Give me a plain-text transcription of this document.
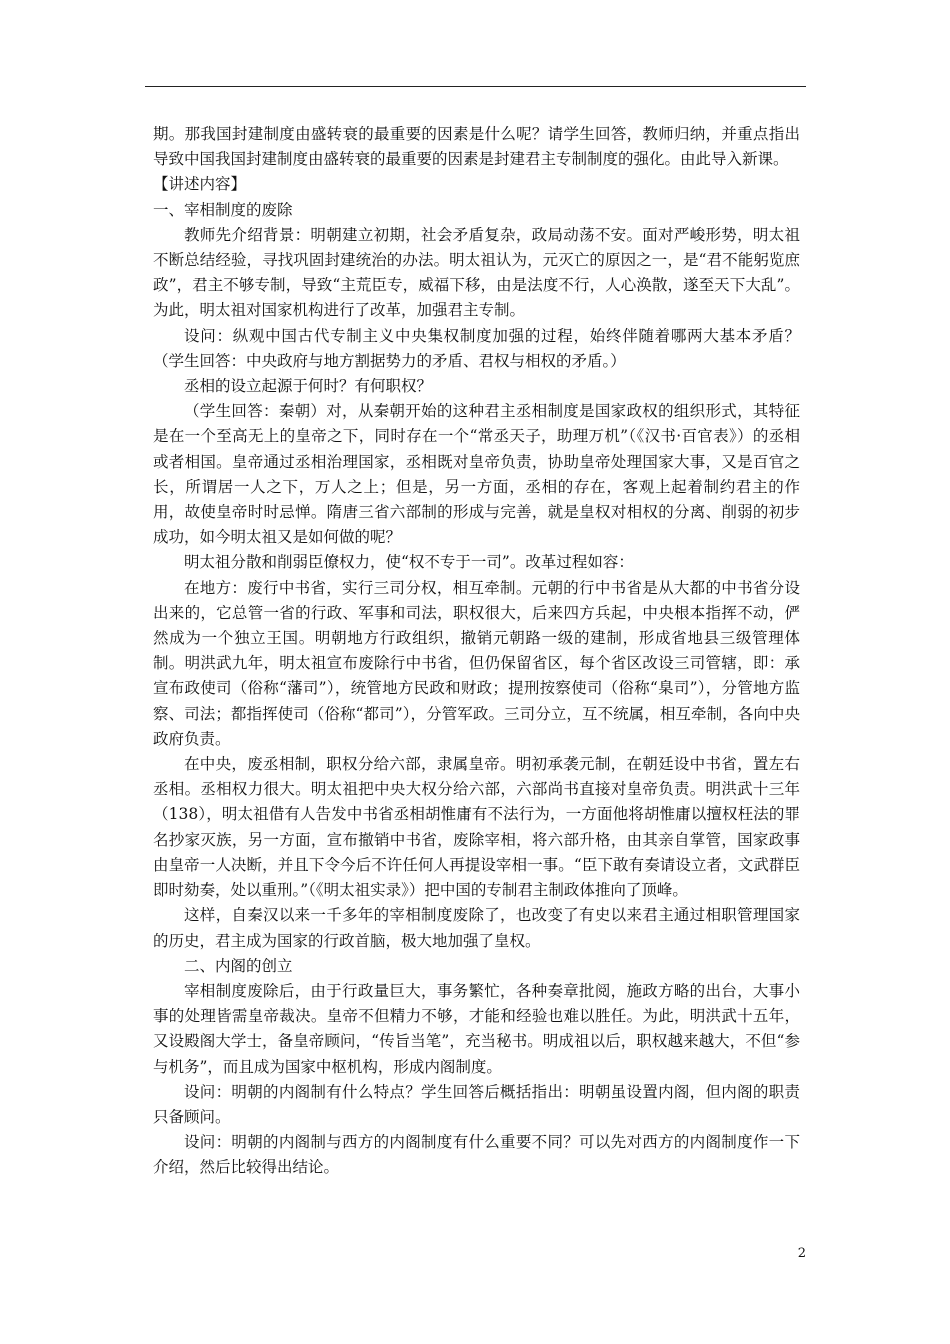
期。那我国封建制度由盛转衰的最重要的因素是什么呢？请学生回答，教师归纳，并重点指出导致中国我国封建制度由盛转衰的最重要的因素是封建君主专制制度的强化。由此导入新课。

【讲述内容】

一、宰相制度的废除

教师先介绍背景：明朝建立初期，社会矛盾复杂，政局动荡不安。面对严峻形势，明太祖不断总结经验，寻找巩固封建统治的办法。明太祖认为，元灭亡的原因之一，是“君不能躬览庶政”，君主不够专制，导致“主荒臣专，威福下移，由是法度不行，人心涣散，遂至天下大乱”。为此，明太祖对国家机构进行了改革，加强君主专制。

设问：纵观中国古代专制主义中央集权制度加强的过程，始终伴随着哪两大基本矛盾？（学生回答：中央政府与地方割据势力的矛盾、君权与相权的矛盾。）

丞相的设立起源于何时？有何职权？

（学生回答：秦朝）对，从秦朝开始的这种君主丞相制度是国家政权的组织形式，其特征是在一个至高无上的皇帝之下，同时存在一个“常丞天子，助理万机”（《汉书·百官表》）的丞相或者相国。皇帝通过丞相治理国家，丞相既对皇帝负责，协助皇帝处理国家大事，又是百官之长，所谓居一人之下，万人之上；但是，另一方面，丞相的存在，客观上起着制约君主的作用，故使皇帝时时忌惮。隋唐三省六部制的形成与完善，就是皇权对相权的分离、削弱的初步成功，如今明太祖又是如何做的呢？

明太祖分散和削弱臣僚权力，使“权不专于一司”。改革过程如容：

在地方：废行中书省，实行三司分权，相互牵制。元朝的行中书省是从大都的中书省分设出来的，它总管一省的行政、军事和司法，职权很大，后来四方兵起，中央根本指挥不动，俨然成为一个独立王国。明朝地方行政组织，撤销元朝路一级的建制，形成省地县三级管理体制。明洪武九年，明太祖宣布废除行中书省，但仍保留省区，每个省区改设三司管辖，即：承宣布政使司（俗称“藩司”），统管地方民政和财政；提刑按察使司（俗称“臬司”），分管地方监察、司法；都指挥使司（俗称“都司”），分管军政。三司分立，互不统属，相互牵制，各向中央政府负责。

在中央，废丞相制，职权分给六部，隶属皇帝。明初承袭元制，在朝廷设中书省，置左右丞相。丞相权力很大。明太祖把中央大权分给六部，六部尚书直接对皇帝负责。明洪武十三年（138），明太祖借有人告发中书省丞相胡惟庸有不法行为，一方面他将胡惟庸以擅权枉法的罪名抄家灭族，另一方面，宣布撤销中书省，废除宰相，将六部升格，由其亲自掌管，国家政事由皇帝一人决断，并且下令今后不许任何人再提设宰相一事。“臣下敢有奏请设立者，文武群臣即时劾奏，处以重刑。”（《明太祖实录》）把中国的专制君主制政体推向了顶峰。

这样，自秦汉以来一千多年的宰相制度废除了，也改变了有史以来君主通过相职管理国家的历史，君主成为国家的行政首脑，极大地加强了皇权。

二、内阁的创立

宰相制度废除后，由于行政量巨大，事务繁忙，各种奏章批阅，施政方略的出台，大事小事的处理皆需皇帝裁决。皇帝不但精力不够，才能和经验也难以胜任。为此，明洪武十五年，又设殿阁大学士，备皇帝顾问，“传旨当笔”，充当秘书。明成祖以后，职权越来越大，不但“参与机务”，而且成为国家中枢机构，形成内阁制度。

设问：明朝的内阁制有什么特点？学生回答后概括指出：明朝虽设置内阁，但内阁的职责只备顾问。

设问：明朝的内阁制与西方的内阁制度有什么重要不同？可以先对西方的内阁制度作一下介绍，然后比较得出结论。

2
